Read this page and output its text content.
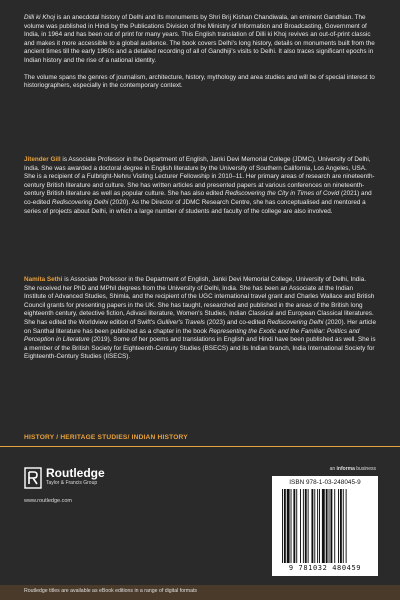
Dilli ki Khoj is an anecdotal history of Delhi and its monuments by Shri Brij Kishan Chandiwala, an eminent Gandhian. The volume was published in Hindi by the Publications Division of the Ministry of Information and Broadcasting, Government of India, in 1964 and has been out of print for many years. This English translation of Dilli ki Khoj revives an out-of-print classic and makes it more accessible to a global audience. The book covers Delhi's long history, details on monuments built from the ancient times till the early 1960s and a detailed recording of all of Gandhiji's visits to Delhi. It also traces significant epochs in Indian history and the rise of a national identity.

The volume spans the genres of journalism, architecture, history, mythology and area studies and will be of special interest to historiographers, especially in the contemporary context.

Jitender Gill is Associate Professor in the Department of English, Janki Devi Memorial College (JDMC), University of Delhi, India. She was awarded a doctoral degree in English literature by the University of Southern California, Los Angeles, USA. She is a recipient of a Fulbright-Nehru Visiting Lecturer Fellowship in 2010–11. Her primary areas of research are nineteenth-century British literature and culture. She has written articles and presented papers at various conferences on nineteenth-century British literature as well as popular culture. She has also edited Rediscovering the City in Times of Covid (2021) and co-edited Rediscovering Delhi (2020). As the Director of JDMC Research Centre, she has conceptualised and mentored a series of projects about Delhi, in which a large number of students and faculty of the college are also involved.

Namita Sethi is Associate Professor in the Department of English, Janki Devi Memorial College, University of Delhi, India. She received her PhD and MPhil degrees from the University of Delhi, India. She has been an Associate at the Indian Institute of Advanced Studies, Shimla, and the recipient of the UGC international travel grant and Charles Wallace and British Council grants for presenting papers in the UK. She has taught, researched and published in the areas of the British long eighteenth century, detective fiction, Adivasi literature, Women's Studies, Indian Classical and European Classical literatures. She has edited the Worldview edition of Swift's Gulliver's Travels (2023) and co-edited Rediscovering Delhi (2020). Her article on Santhal literature has been published as a chapter in the book Representing the Exotic and the Familiar: Politics and Perception in Literature (2019). Some of her poems and translations in English and Hindi have been published as well. She is a member of the British Society for Eighteenth-Century Studies (BSECS) and its Indian branch, India International Society for Eighteenth-Century Studies (IISECS).

HISTORY / HERITAGE STUDIES/ INDIAN HISTORY
Routledge
Taylor & Francis Group
www.routledge.com
an informa business
ISBN 978-1-03-248045-9
9 781032 480459
Routledge titles are available as eBook editions in a range of digital formats
